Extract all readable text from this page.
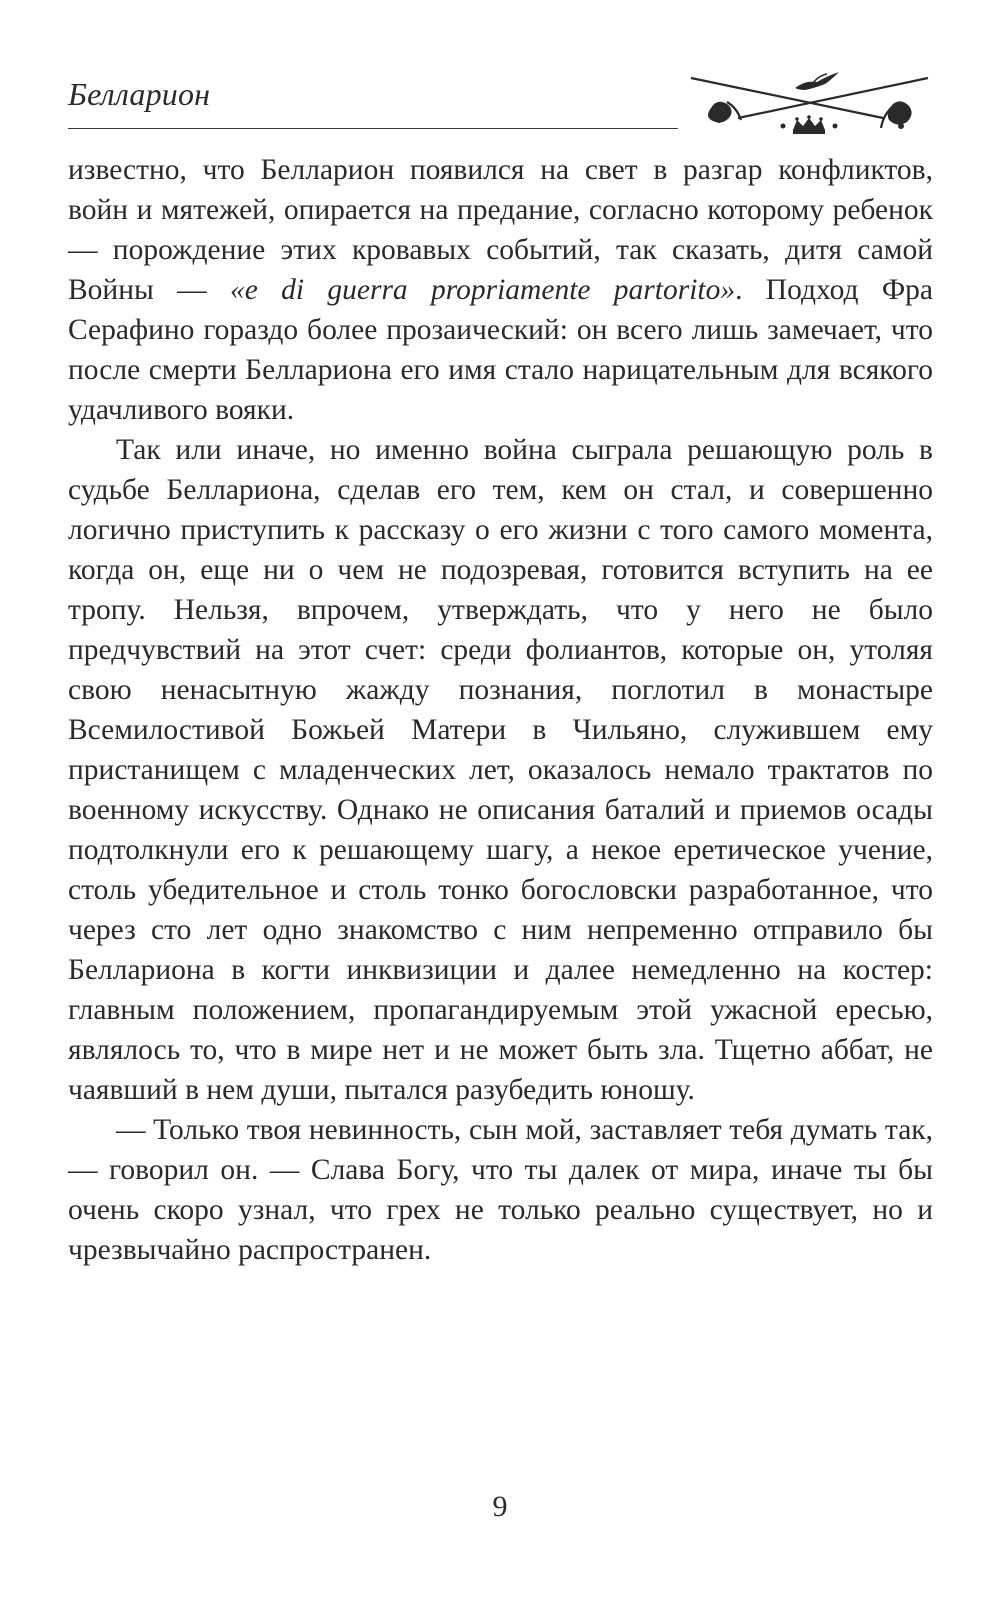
Белларион

известно, что Белларион появился на свет в разгар конфликтов, войн и мятежей, опирается на предание, согласно которому ребенок — порождение этих кровавых событий, так сказать, дитя самой Войны — «e di guerra propriamente partorito». Подход Фра Серафино гораздо более прозаический: он всего лишь замечает, что после смерти Беллариона его имя стало нарицательным для всякого удачливого вояки.

Так или иначе, но именно война сыграла решающую роль в судьбе Беллариона, сделав его тем, кем он стал, и совершенно логично приступить к рассказу о его жизни с того самого момента, когда он, еще ни о чем не подозревая, готовится вступить на ее тропу. Нельзя, впрочем, утверждать, что у него не было предчувствий на этот счет: среди фолиантов, которые он, утоляя свою ненасытную жажду познания, поглотил в монастыре Всемилостивой Божьей Матери в Чильяно, служившем ему пристанищем с младенческих лет, оказалось немало трактатов по военному искусству. Однако не описания баталий и приемов осады подтолкнули его к решающему шагу, а некое еретическое учение, столь убедительное и столь тонко богословски разработанное, что через сто лет одно знакомство с ним непременно отправило бы Беллариона в когти инквизиции и далее немедленно на костер: главным положением, пропагандируемым этой ужасной ересью, являлось то, что в мире нет и не может быть зла. Тщетно аббат, не чаявший в нем души, пытался разубедить юношу.

— Только твоя невинность, сын мой, заставляет тебя думать так, — говорил он. — Слава Богу, что ты далек от мира, иначе ты бы очень скоро узнал, что грех не только реально существует, но и чрезвычайно распространен.

9
